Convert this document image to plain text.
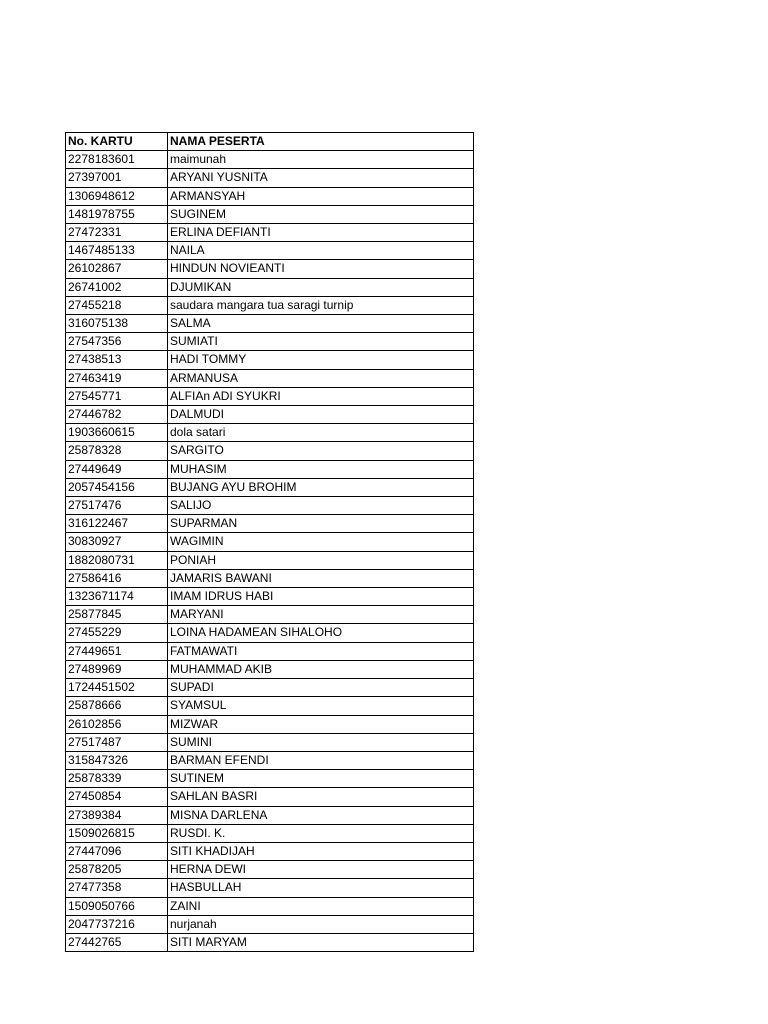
No. KARTU	NAMA PESERTA
2278183601	maimunah
27397001	ARYANI YUSNITA
1306948612	ARMANSYAH
1481978755	SUGINEM
27472331	ERLINA DEFIANTI
1467485133	NAILA
26102867	HINDUN NOVIEANTI
26741002	DJUMIKAN
27455218	saudara mangara tua saragi turnip
316075138	SALMA
27547356	SUMIATI
27438513	HADI TOMMY
27463419	ARMANUSA
27545771	ALFIAn ADI SYUKRI
27446782	DALMUDI
1903660615	dola satari
25878328	SARGITO
27449649	MUHASIM
2057454156	BUJANG AYU BROHIM
27517476	SALIJO
316122467	SUPARMAN
30830927	WAGIMIN
1882080731	PONIAH
27586416	JAMARIS BAWANI
1323671174	IMAM IDRUS HABI
25877845	MARYANI
27455229	LOINA HADAMEAN SIHALOHO
27449651	FATMAWATI
27489969	MUHAMMAD AKIB
1724451502	SUPADI
25878666	SYAMSUL
26102856	MIZWAR
27517487	SUMINI
315847326	BARMAN EFENDI
25878339	SUTINEM
27450854	SAHLAN BASRI
27389384	MISNA DARLENA
1509026815	RUSDI. K.
27447096	SITI KHADIJAH
25878205	HERNA DEWI
27477358	HASBULLAH
1509050766	ZAINI
2047737216	nurjanah
27442765	SITI MARYAM
